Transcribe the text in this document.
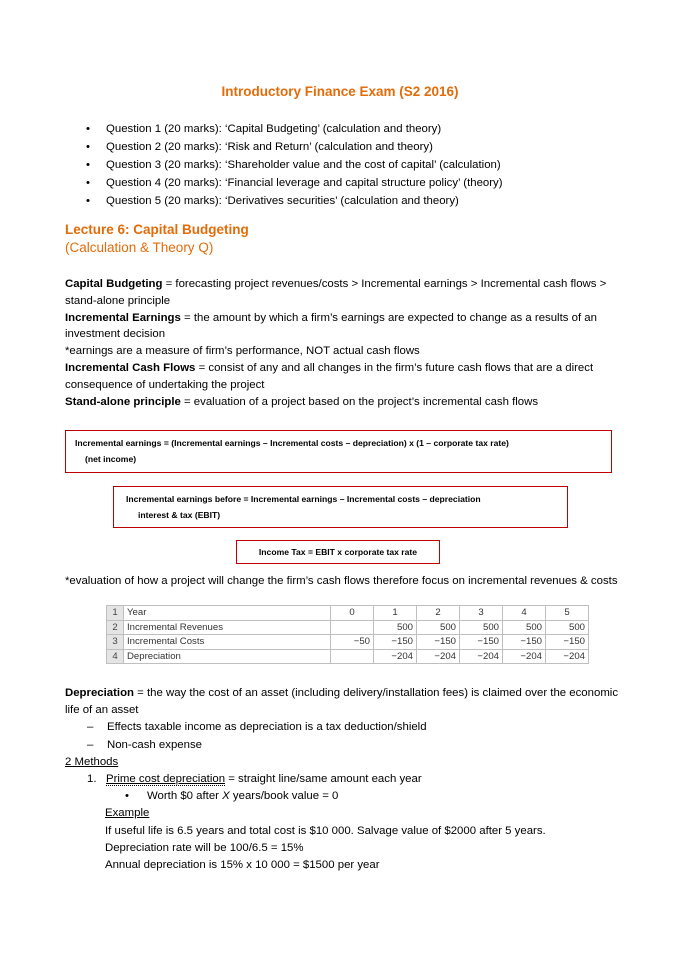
Introductory Finance Exam (S2 2016)
• Question 1 (20 marks): ‘Capital Budgeting’ (calculation and theory)
• Question 2 (20 marks): ‘Risk and Return’ (calculation and theory)
• Question 3 (20 marks): ‘Shareholder value and the cost of capital’ (calculation)
• Question 4 (20 marks): ‘Financial leverage and capital structure policy’ (theory)
• Question 5 (20 marks): ‘Derivatives securities’ (calculation and theory)
Lecture 6: Capital Budgeting
(Calculation & Theory Q)

Capital Budgeting = forecasting project revenues/costs > Incremental earnings > Incremental cash flows > stand-alone principle

Incremental Earnings = the amount by which a firm’s earnings are expected to change as a results of an investment decision

*earnings are a measure of firm’s performance, NOT actual cash flows

Incremental Cash Flows = consist of any and all changes in the firm’s future cash flows that are a direct consequence of undertaking the project

Stand-alone principle = evaluation of a project based on the project’s incremental cash flows

Incremental earnings = (Incremental earnings – Incremental costs – depreciation) x (1 – corporate tax rate)
(net income)
Incremental earnings before = Incremental earnings – Incremental costs – depreciation
interest & tax (EBIT)
Income Tax = EBIT x corporate tax rate
*evaluation of how a project will change the firm’s cash flows therefore focus on incremental revenues & costs
1	Year	0	1	2	3	4	5
2	Incremental Revenues		500	500	500	500	500
3	Incremental Costs	−50	−150	−150	−150	−150	−150
4	Depreciation		−204	−204	−204	−204	−204

Depreciation = the way the cost of an asset (including delivery/installation fees) is claimed over the economic life of an asset

– Effects taxable income as depreciation is a tax deduction/shield

– Non-cash expense

2 Methods

1. Prime cost depreciation = straight line/same amount each year

• Worth $0 after X years/book value = 0

Example

If useful life is 6.5 years and total cost is $10 000. Salvage value of $2000 after 5 years.

Depreciation rate will be 100/6.5 = 15%

Annual depreciation is 15% x 10 000 = $1500 per year
